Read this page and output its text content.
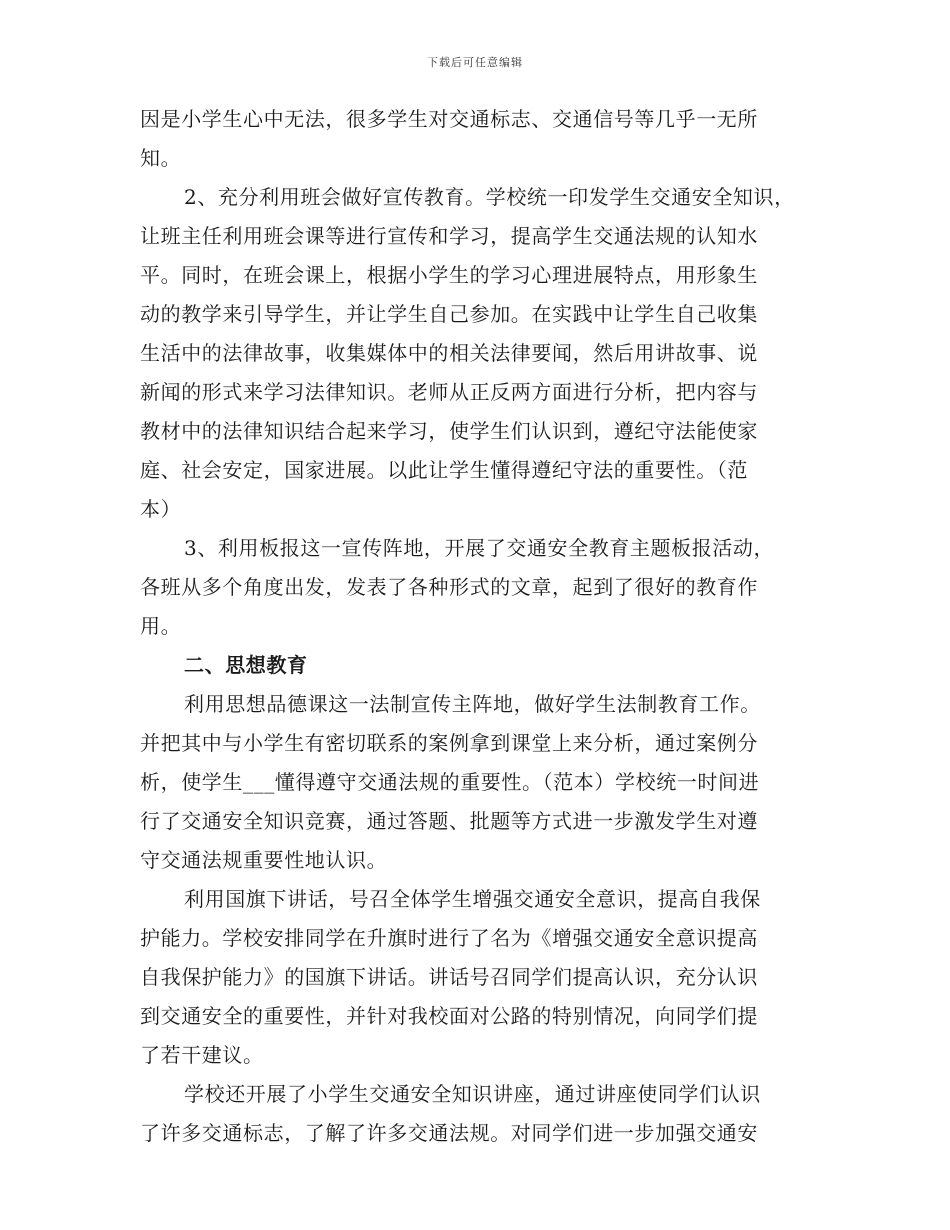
下载后可任意编辑
因是小学生心中无法，很多学生对交通标志、交通信号等几乎一无所
知。
2、充分利用班会做好宣传教育。学校统一印发学生交通安全知识，
让班主任利用班会课等进行宣传和学习，提高学生交通法规的认知水
平。同时，在班会课上，根据小学生的学习心理进展特点，用形象生
动的教学来引导学生，并让学生自己参加。在实践中让学生自己收集
生活中的法律故事，收集媒体中的相关法律要闻，然后用讲故事、说
新闻的形式来学习法律知识。老师从正反两方面进行分析，把内容与
教材中的法律知识结合起来学习，使学生们认识到，遵纪守法能使家
庭、社会安定，国家进展。以此让学生懂得遵纪守法的重要性。（范
本）
3、利用板报这一宣传阵地，开展了交通安全教育主题板报活动，
各班从多个角度出发，发表了各种形式的文章，起到了很好的教育作
用。
二、思想教育
利用思想品德课这一法制宣传主阵地，做好学生法制教育工作。
并把其中与小学生有密切联系的案例拿到课堂上来分析，通过案例分
析，使学生___懂得遵守交通法规的重要性。（范本）学校统一时间进
行了交通安全知识竞赛，通过答题、批题等方式进一步激发学生对遵
守交通法规重要性地认识。
利用国旗下讲话，号召全体学生增强交通安全意识，提高自我保
护能力。学校安排同学在升旗时进行了名为《增强交通安全意识提高
自我保护能力》的国旗下讲话。讲话号召同学们提高认识，充分认识
到交通安全的重要性，并针对我校面对公路的特别情况，向同学们提
了若干建议。
学校还开展了小学生交通安全知识讲座，通过讲座使同学们认识
了许多交通标志，了解了许多交通法规。对同学们进一步加强交通安
